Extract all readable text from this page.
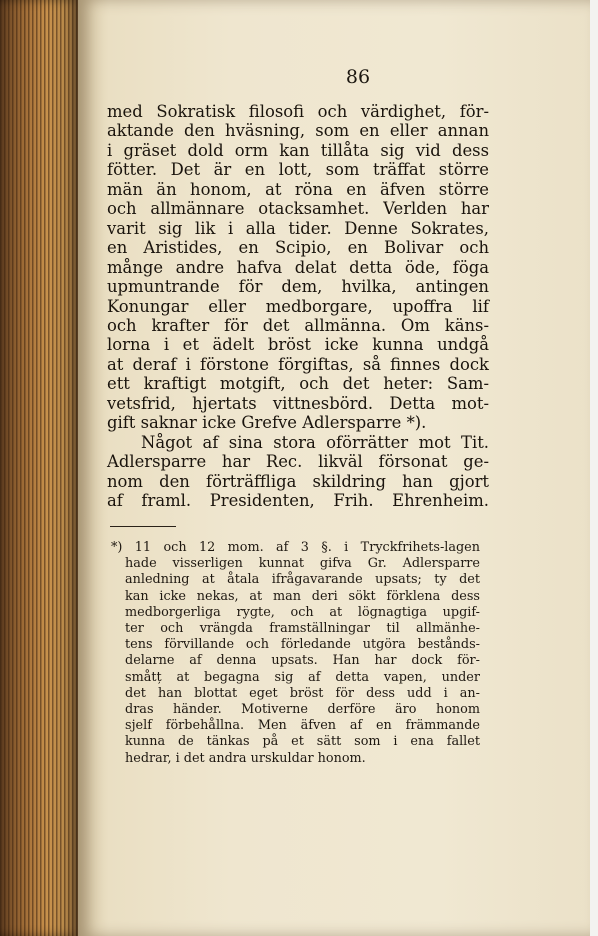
86
med Sokratisk filosofi och värdighet, för-
aktande den hväsning, som en eller annan
i gräset dold orm kan tillåta sig vid dess
fötter. Det är en lott, som träffat större
män än honom, at röna en äfven större
och allmännare otacksamhet. Verlden har
varit sig lik i alla tider. Denne Sokrates,
en Aristides, en Scipio, en Bolivar och
månge andre hafva delat detta öde, föga
upmuntrande för dem, hvilka, antingen
Konungar eller medborgare, upoffra lif
och krafter för det allmänna. Om käns-
lorna i et ädelt bröst icke kunna undgå
at deraf i förstone förgiftas, så finnes dock
ett kraftigt motgift, och det heter: Sam-
vetsfrid, hjertats vittnesbörd. Detta mot-
gift saknar icke Grefve Adlersparre *).
Något af sina stora oförrätter mot Tit.
Adlersparre har Rec. likväl försonat ge-
nom den förträffliga skildring han gjort
af framl. Presidenten, Frih. Ehrenheim.
*) 11 och 12 mom. af 3 §. i Tryckfrihets-lagen
hade visserligen kunnat gifva Gr. Adlersparre
anledning at åtala ifrågavarande upsats; ty det
kan icke nekas, at man deri sökt förklena dess
medborgerliga rygte, och at lögnagtiga upgif-
ter och vrängda framställningar til allmänhe-
tens förvillande och förledande utgöra bestånds-
delarne af denna upsats. Han har dock för-
småtț at begagna sig af detta vapen, under
det han blottat eget bröst för dess udd i an-
dras händer. Motiverne derföre äro honom
sjelf förbehållna. Men äfven af en främmande
kunna de tänkas på et sätt som i ena fallet
hedrar, i det andra urskuldar honom.
